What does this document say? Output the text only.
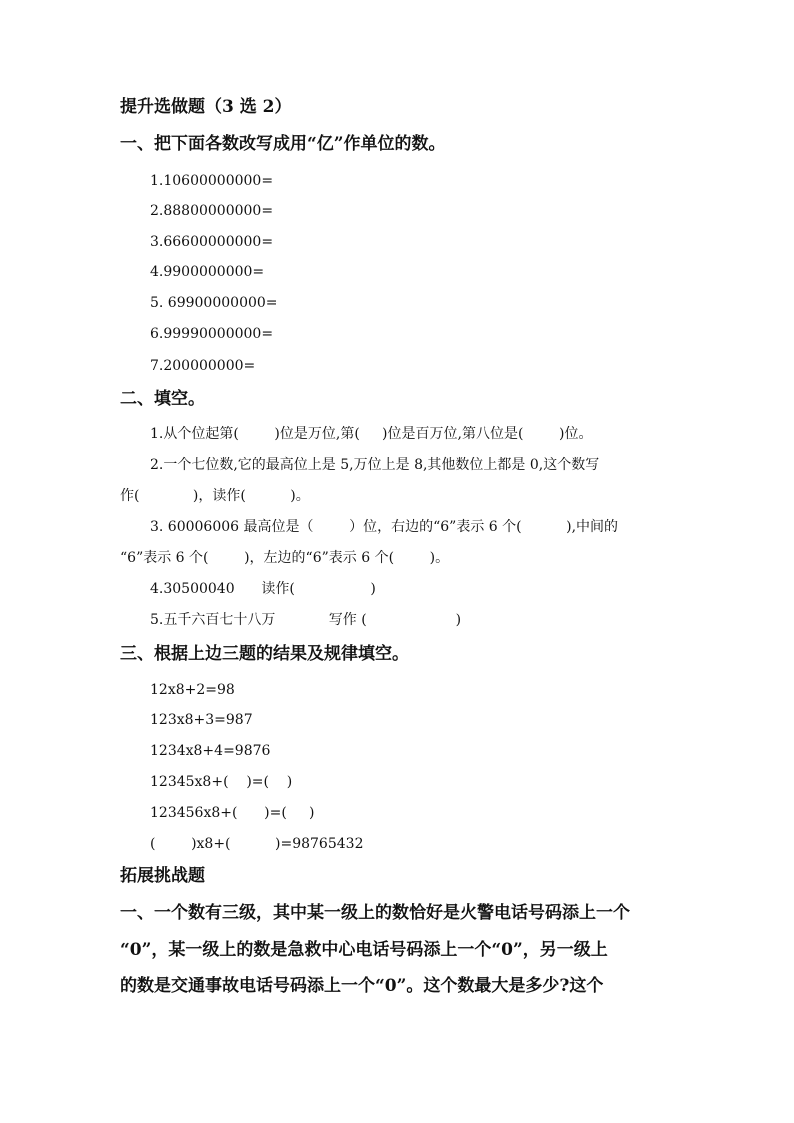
提升选做题（3 选 2）
一、把下面各数改写成用“亿”作单位的数。
1.10600000000=
2.88800000000=
3.66600000000=
4.9900000000=
5. 69900000000=
6.99990000000=
7.200000000=
二、填空。
1.从个位起第(        )位是万位,第(     )位是百万位,第八位是(        )位。
2.一个七位数,它的最高位上是 5,万位上是 8,其他数位上都是 0,这个数写
作(            )，读作(          )。
3. 60006006 最高位是（        ）位，右边的“6”表示 6 个(          ),中间的
“6”表示 6 个(        )，左边的“6”表示 6 个(        )。
4.30500040      读作(                 )
5.五千六百七十八万            写作 (                    )
三、根据上边三题的结果及规律填空。
12x8+2=98
123x8+3=987
1234x8+4=9876
12345x8+(    )=(    )
123456x8+(      )=(     )
(        )x8+(          )=98765432
拓展挑战题
一、一个数有三级，其中某一级上的数恰好是火警电话号码添上一个
“0”，某一级上的数是急救中心电话号码添上一个“0”，另一级上
的数是交通事故电话号码添上一个“0”。这个数最大是多少?这个
